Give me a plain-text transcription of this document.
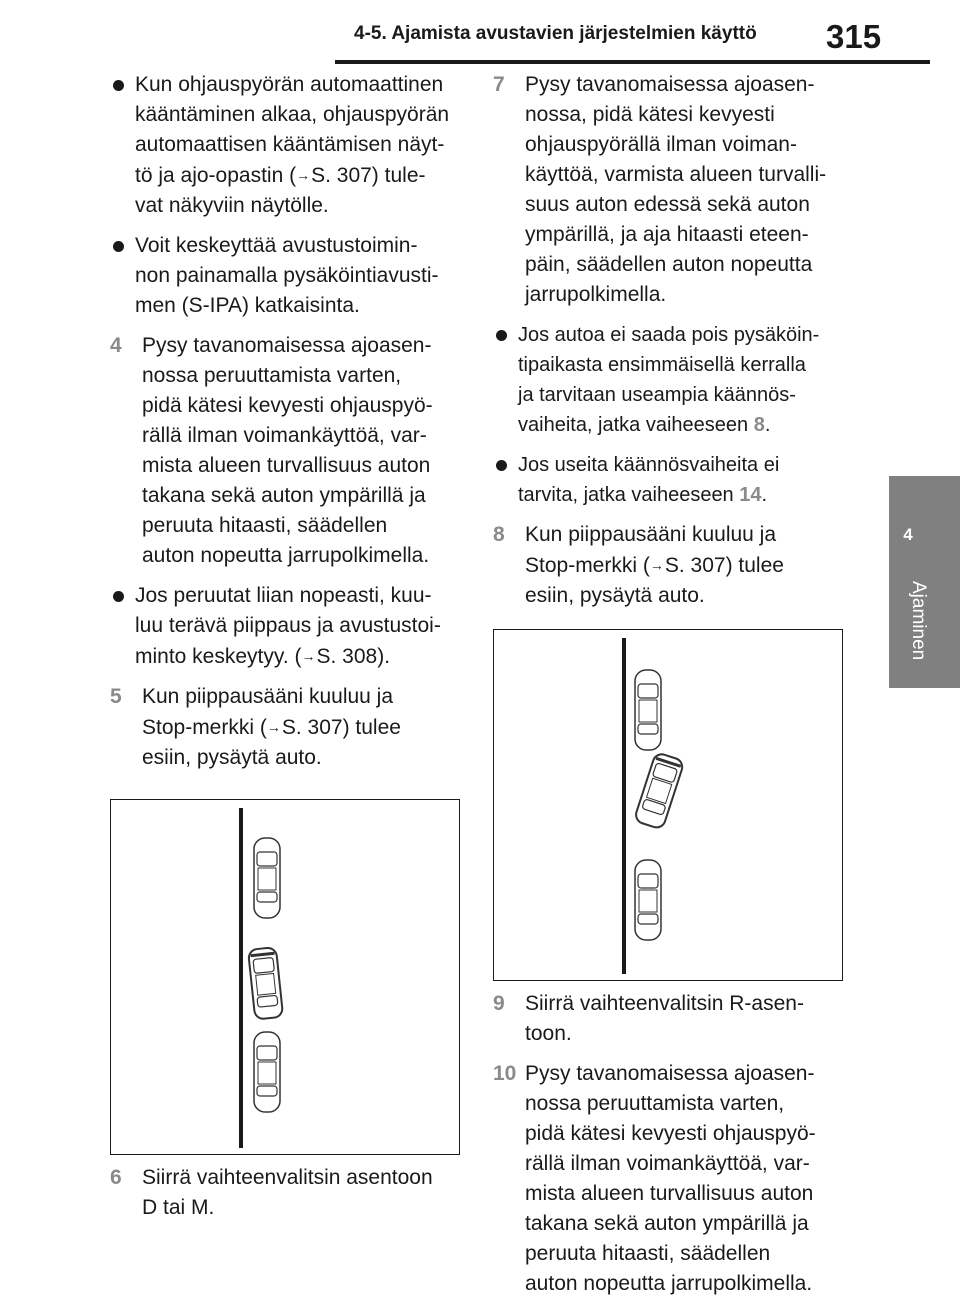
4-5. Ajamista avustavien järjestelmien käyttö 315
4
Ajaminen
Kun ohjauspyörän automaattinen
kääntäminen alkaa, ohjauspyörän
automaattisen kääntämisen näyt-
tö ja ajo-opastin (→S. 307) tule-
vat näkyviin näytölle.
Voit keskeyttää avustustoimin-
non painamalla pysäköintiavusti-
men (S-IPA) katkaisinta.
4 Pysy tavanomaisessa ajoasen-
nossa peruuttamista varten,
pidä kätesi kevyesti ohjauspyö-
rällä ilman voimankäyttöä, var-
mista alueen turvallisuus auton
takana sekä auton ympärillä ja
peruuta hitaasti, säädellen
auton nopeutta jarrupolkimella.
Jos peruutat liian nopeasti, kuu-
luu terävä piippaus ja avustustoi-
minto keskeytyy. (→S. 308).
5 Kun piippausääni kuuluu ja
Stop-merkki (→S. 307) tulee
esiin, pysäytä auto.
6 Siirrä vaihteenvalitsin asentoon
D tai M.
7 Pysy tavanomaisessa ajoasen-
nossa, pidä kätesi kevyesti
ohjauspyörällä ilman voiman-
käyttöä, varmista alueen turvalli-
suus auton edessä sekä auton
ympärillä, ja aja hitaasti eteen-
päin, säädellen auton nopeutta
jarrupolkimella.
Jos autoa ei saada pois pysäköin-
tipaikasta ensimmäisellä kerralla
ja tarvitaan useampia käännös-
vaiheita, jatka vaiheeseen 8.
Jos useita käännösvaiheita ei
tarvita, jatka vaiheeseen 14.
8 Kun piippausääni kuuluu ja
Stop-merkki (→S. 307) tulee
esiin, pysäytä auto.
9 Siirrä vaihteenvalitsin R-asen-
toon.
10 Pysy tavanomaisessa ajoasen-
nossa peruuttamista varten,
pidä kätesi kevyesti ohjauspyö-
rällä ilman voimankäyttöä, var-
mista alueen turvallisuus auton
takana sekä auton ympärillä ja
peruuta hitaasti, säädellen
auton nopeutta jarrupolkimella.
